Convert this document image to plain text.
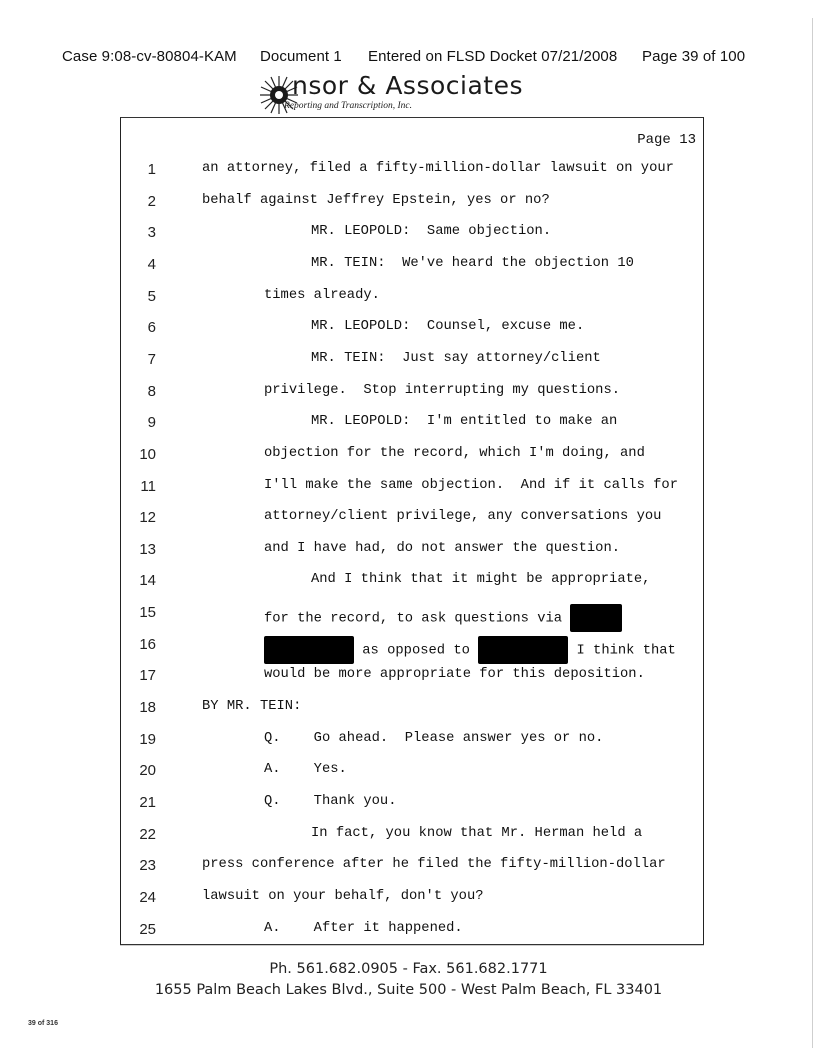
Case 9:08-cv-80804-KAM Document 1 Entered on FLSD Docket 07/21/2008 Page 39 of 100
nsor & Associates
Reporting and Transcription, Inc.
Page 13
1	an attorney, filed a fifty-million-dollar lawsuit on your
2	behalf against Jeffrey Epstein, yes or no?
3	MR. LEOPOLD:  Same objection.
4	MR. TEIN:  We've heard the objection 10
5	times already.
6	MR. LEOPOLD:  Counsel, excuse me.
7	MR. TEIN:  Just say attorney/client
8	privilege.  Stop interrupting my questions.
9	MR. LEOPOLD:  I'm entitled to make an
10	objection for the record, which I'm doing, and
11	I'll make the same objection.  And if it calls for
12	attorney/client privilege, any conversations you
13	and I have had, do not answer the question.
14	And I think that it might be appropriate,
15	for the record, to ask questions via
16	as opposed to	I think that
17	would be more appropriate for this deposition.
18	BY MR. TEIN:
19	Q.    Go ahead.  Please answer yes or no.
20	A.    Yes.
21	Q.    Thank you.
22	In fact, you know that Mr. Herman held a
23	press conference after he filed the fifty-million-dollar
24	lawsuit on your behalf, don't you?
25	A.    After it happened.
Ph. 561.682.0905 - Fax. 561.682.1771
1655 Palm Beach Lakes Blvd., Suite 500 - West Palm Beach, FL 33401
39 of 316
